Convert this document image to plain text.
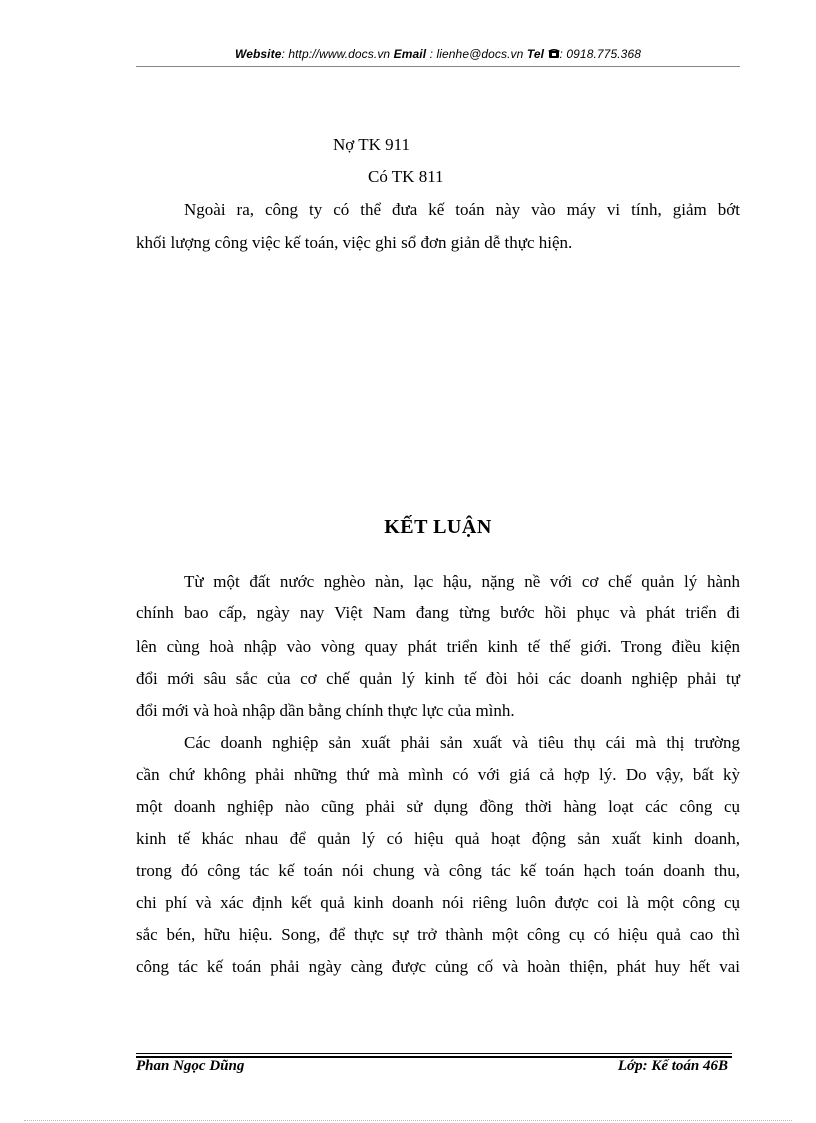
Website: http://www.docs.vn Email : lienhe@docs.vn Tel : 0918.775.368
Nợ TK 911
Có TK 811
Ngoài ra, công ty có thể đưa kế toán này vào máy vi tính, giảm bớt
khối lượng công việc kế toán, việc ghi sổ đơn giản dễ thực hiện.
KẾT LUẬN
Từ một đất nước nghèo nàn, lạc hậu, nặng nề với cơ chế quản lý hành
chính bao cấp, ngày nay Việt Nam đang từng bước hồi phục và phát triển đi
lên cùng hoà nhập vào vòng quay phát triển kinh tế thế giới. Trong điều kiện
đổi mới sâu sắc của cơ chế quản lý kinh tế đòi hỏi các doanh nghiệp phải tự
đổi mới và hoà nhập dần bằng chính thực lực của mình.
Các doanh nghiệp sản xuất phải sản xuất và tiêu thụ cái mà thị trường
cần chứ không phải những thứ mà mình có với giá cả hợp lý. Do vậy, bất kỳ
một doanh nghiệp nào cũng phải sử dụng đồng thời hàng loạt các công cụ
kinh tế khác nhau để quản lý có hiệu quả hoạt động sản xuất kinh doanh,
trong đó công tác kế toán nói chung và công tác kế toán hạch toán doanh thu,
chi phí và xác định kết quả kinh doanh nói riêng luôn được coi là một công cụ
sắc bén, hữu hiệu. Song, để thực sự trở thành một công cụ có hiệu quả cao thì
công tác kế toán phải ngày càng được củng cố và hoàn thiện, phát huy hết vai
Phan Ngọc Dũng	Lớp: Kế toán 46B
